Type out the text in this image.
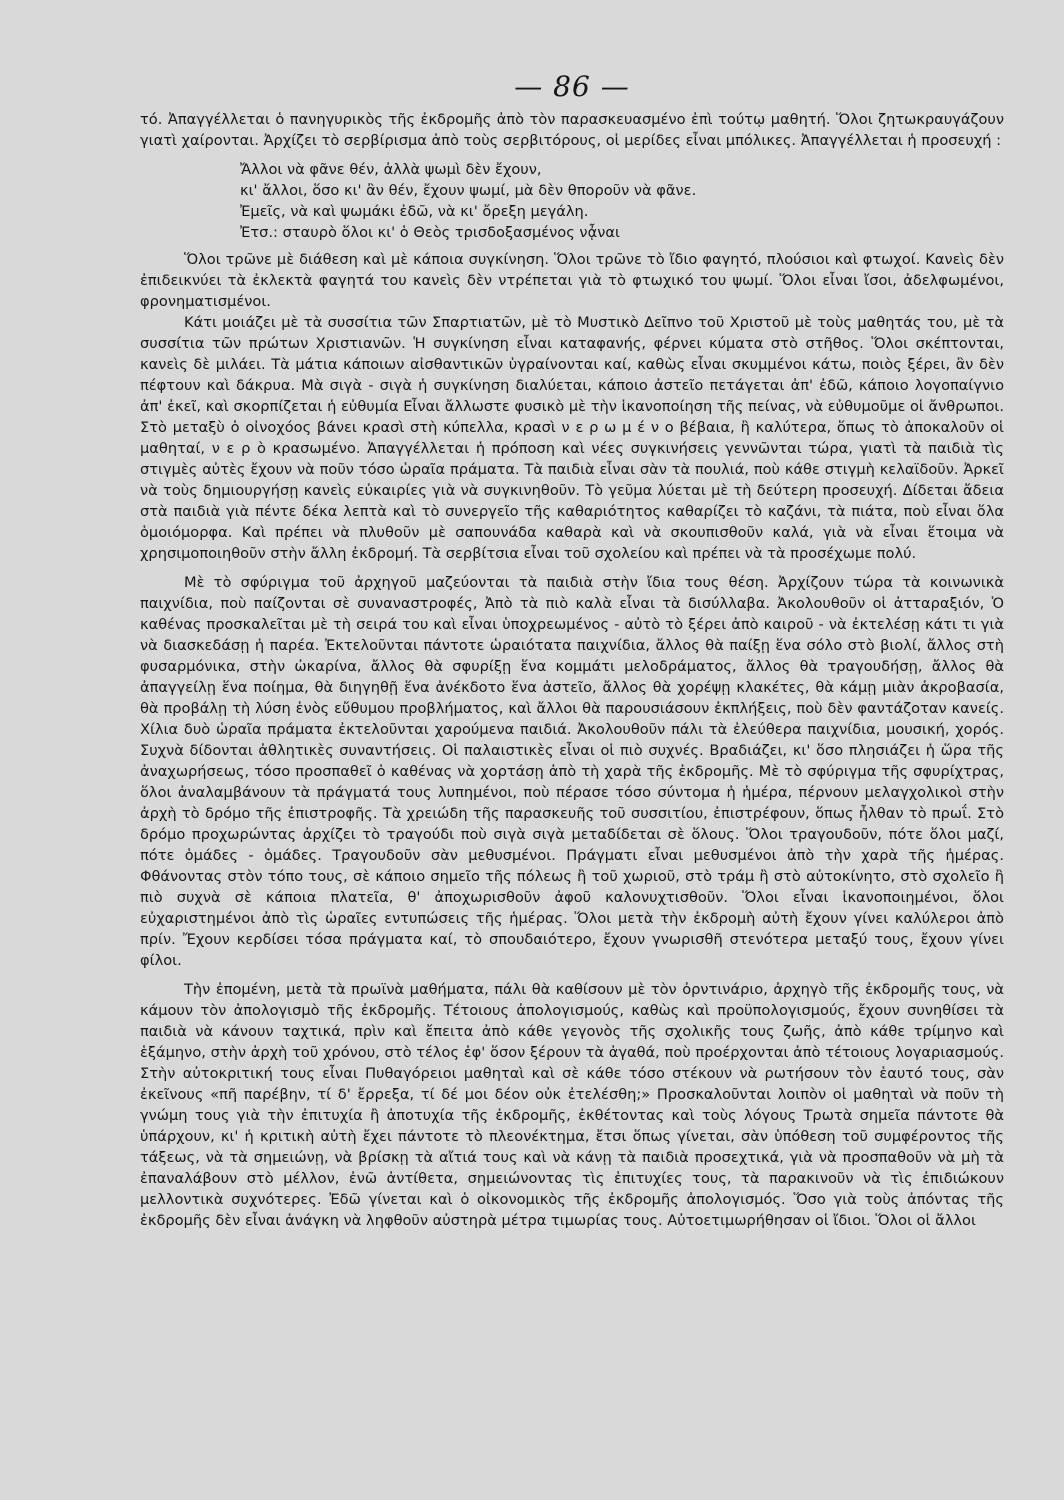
— 86 —

τό. Ἀπαγγέλλεται ὁ πανηγυρικὸς τῆς ἐκδρομῆς ἀπὸ τὸν παρασκευασμένο ἐπὶ τούτῳ μαθητή. Ὅλοι ζητωκραυγάζουν γιατὶ χαίρονται. Ἀρχίζει τὸ σερβίρισμα ἀπὸ τοὺς σερβιτόρους, οἱ μερίδες εἶναι μπόλικες. Ἀπαγγέλλεται ἡ προσευχή :

Ἄλλοι νὰ φᾶνε θέν, ἀλλὰ ψωμὶ δὲν ἔχουν,
κι' ἄλλοι, ὅσο κι' ἂν θέν, ἔχουν ψωμί, μὰ δὲν θποροῦν νὰ φᾶνε.
Ἐμεῖς, νὰ καὶ ψωμάκι ἐδῶ, νὰ κι' ὄρεξη μεγάλη.
Ἐτσ.: σταυρὸ ὅλοι κι' ὁ Θεὸς τρισδοξασμένος νᾆναι

Ὅλοι τρῶνε μὲ διάθεση καὶ μὲ κάποια συγκίνηση. Ὅλοι τρῶνε τὸ ἴδιο φαγητό, πλούσιοι καὶ φτωχοί. Κανεὶς δὲν ἐπιδεικνύει τὰ ἐκλεκτὰ φαγητά του κανεὶς δὲν ντρέπεται γιὰ τὸ φτωχικό του ψωμί. Ὅλοι εἶναι ἴσοι, ἀδελφωμένοι, φρονηματισμένοι.

Κάτι μοιάζει μὲ τὰ συσσίτια τῶν Σπαρτιατῶν, μὲ τὸ Μυστικὸ Δεῖπνο τοῦ Χριστοῦ μὲ τοὺς μαθητάς του, μὲ τὰ συσσίτια τῶν πρώτων Χριστιανῶν. Ἡ συγκίνηση εἶναι καταφανής, φέρνει κύματα στὸ στῆθος. Ὅλοι σκέπτονται, κανεὶς δὲ μιλάει. Τὰ μάτια κάποιων αἰσθαντικῶν ὑγραίνονται καί, καθὼς εἶναι σκυμμένοι κάτω, ποιὸς ξέρει, ἂν δὲν πέφτουν καὶ δάκρυα. Μὰ σιγὰ - σιγὰ ἡ συγκίνηση διαλύεται, κάποιο ἀστεῖο πετάγεται ἀπ' ἐδῶ, κάποιο λογοπαίγνιο ἀπ' ἐκεῖ, καὶ σκορπίζεται ἡ εὐθυμία Εἶναι ἄλλωστε φυσικὸ μὲ τὴν ἱκανοποίηση τῆς πείνας, νὰ εὐθυμοῦμε οἱ ἄνθρωποι. Στὸ μεταξὺ ὁ οἰνοχόος βάνει κρασὶ στὴ κύπελλα, κρασὶ ν ε ρ ω μ έ ν ο βέβαια, ἢ καλύτερα, ὅπως τὸ ἀποκαλοῦν οἱ μαθηταί, ν ε ρ ὸ κρασωμένο. Ἀπαγγέλλεται ἡ πρόποση καὶ νέες συγκινήσεις γεννῶνται τώρα, γιατὶ τὰ παιδιὰ τὶς στιγμὲς αὐτὲς ἔχουν νὰ ποῦν τόσο ὡραῖα πράματα. Τὰ παιδιὰ εἶναι σὰν τὰ πουλιά, ποὺ κάθε στιγμὴ κελαϊδοῦν. Ἀρκεῖ νὰ τοὺς δημιουργήσῃ κανεὶς εὐκαιρίες γιὰ νὰ συγκινηθοῦν. Τὸ γεῦμα λύεται μὲ τὴ δεύτερη προσευχή. Δίδεται ἄδεια στὰ παιδιὰ γιὰ πέντε δέκα λεπτὰ καὶ τὸ συνεργεῖο τῆς καθαριότητος καθαρίζει τὸ καζάνι, τὰ πιάτα, ποὺ εἶναι ὅλα ὁμοιόμορφα. Καὶ πρέπει νὰ πλυθοῦν μὲ σαπουνάδα καθαρὰ καὶ νὰ σκουπισθοῦν καλά, γιὰ νὰ εἶναι ἕτοιμα νὰ χρησιμοποιηθοῦν στὴν ἄλλη ἐκδρομή. Τὰ σερβίτσια εἶναι τοῦ σχολείου καὶ πρέπει νὰ τὰ προσέχωμε πολύ.

Μὲ τὸ σφύριγμα τοῦ ἀρχηγοῦ μαζεύονται τὰ παιδιὰ στὴν ἴδια τους θέση. Ἀρχίζουν τώρα τὰ κοινωνικὰ παιχνίδια, ποὺ παίζονται σὲ συναναστροφές, Ἀπὸ τὰ πιὸ καλὰ εἶναι τὰ δισύλλαβα. Ἀκολουθοῦν οἱ ἀτταραξιόν, Ὁ καθένας προσκαλεῖται μὲ τὴ σειρά του καὶ εἶναι ὑποχρεωμένος - αὐτὸ τὸ ξέρει ἀπὸ καιροῦ - νὰ ἐκτελέσῃ κάτι τι γιὰ νὰ διασκεδάσῃ ἡ παρέα. Ἐκτελοῦνται πάντοτε ὡραιότατα παιχνίδια, ἄλλος θὰ παίξῃ ἕνα σόλο στὸ βιολί, ἄλλος στὴ φυσαρμόνικα, στὴν ὠκαρίνα, ἄλλος θὰ σφυρίξῃ ἕνα κομμάτι μελοδράματος, ἄλλος θὰ τραγουδήσῃ, ἄλλος θὰ ἀπαγγείλῃ ἕνα ποίημα, θὰ διηγηθῇ ἕνα ἀνέκδοτο ἕνα ἀστεῖο, ἄλλος θὰ χορέψῃ κλακέτες, θὰ κάμῃ μιὰν ἀκροβασία, θὰ προβάλῃ τὴ λύση ἑνὸς εὔθυμου προβλήματος, καὶ ἄλλοι θὰ παρουσιάσουν ἐκπλήξεις, ποὺ δὲν φαντάζοταν κανείς. Χίλια δυὸ ὡραῖα πράματα ἐκτελοῦνται χαρούμενα παιδιά. Ἀκολουθοῦν πάλι τὰ ἐλεύθερα παιχνίδια, μουσική, χορός. Συχνὰ δίδονται ἀθλητικὲς συναντήσεις. Οἱ παλαιστικὲς εἶναι οἱ πιὸ συχνές. Βραδιάζει, κι' ὅσο πλησιάζει ἡ ὥρα τῆς ἀναχωρήσεως, τόσο προσπαθεῖ ὁ καθένας νὰ χορτάσῃ ἀπὸ τὴ χαρὰ τῆς ἐκδρομῆς. Μὲ τὸ σφύριγμα τῆς σφυρίχτρας, ὅλοι ἀναλαμβάνουν τὰ πράγματά τους λυπημένοι, ποὺ πέρασε τόσο σύντομα ἡ ἡμέρα, πέρνουν μελαγχολικοὶ στὴν ἀρχὴ τὸ δρόμο τῆς ἐπιστροφῆς. Τὰ χρειώδη τῆς παρασκευῆς τοῦ συσσιτίου, ἐπιστρέφουν, ὅπως ἦλθαν τὸ πρωΐ. Στὸ δρόμο προχωρώντας ἀρχίζει τὸ τραγούδι ποὺ σιγὰ σιγὰ μεταδίδεται σὲ ὅλους. Ὅλοι τραγουδοῦν, πότε ὅλοι μαζί, πότε ὁμάδες - ὁμάδες. Τραγουδοῦν σὰν μεθυσμένοι. Πράγματι εἶναι μεθυσμένοι ἀπὸ τὴν χαρὰ τῆς ἡμέρας. Φθάνοντας στὸν τόπο τους, σὲ κάποιο σημεῖο τῆς πόλεως ἢ τοῦ χωριοῦ, στὸ τράμ ἢ στὸ αὐτοκίνητο, στὸ σχολεῖο ἢ πιὸ συχνὰ σὲ κάποια πλατεῖα, θ' ἀποχωρισθοῦν ἀφοῦ καλονυχτισθοῦν. Ὅλοι εἶναι ἱκανοποιημένοι, ὅλοι εὐχαριστημένοι ἀπὸ τὶς ὡραῖες εντυπώσεις τῆς ἡμέρας. Ὅλοι μετὰ τὴν ἐκδρομὴ αὐτὴ ἔχουν γίνει καλύλεροι ἀπὸ πρίν. Ἔχουν κερδίσει τόσα πράγματα καί, τὸ σπουδαιότερο, ἔχουν γνωρισθῆ στενότερα μεταξύ τους, ἔχουν γίνει φίλοι.

Τὴν ἐπομένη, μετὰ τὰ πρωϊνὰ μαθήματα, πάλι θὰ καθίσουν μὲ τὸν ὀρντινάριο, ἀρχηγὸ τῆς ἐκδρομῆς τους, νὰ κάμουν τὸν ἀπολογισμὸ τῆς ἐκδρομῆς. Τέτοιους ἀπολογισμούς, καθὼς καὶ προϋπολογισμούς, ἔχουν συνηθίσει τὰ παιδιὰ νὰ κάνουν ταχτικά, πρὶν καὶ ἔπειτα ἀπὸ κάθε γεγονὸς τῆς σχολικῆς τους ζωῆς, ἀπὸ κάθε τρίμηνο καὶ ἑξάμηνο, στὴν ἀρχὴ τοῦ χρόνου, στὸ τέλος ἐφ' ὅσον ξέρουν τὰ ἀγαθά, ποὺ προέρχονται ἀπὸ τέτοιους λογαριασμούς. Στὴν αὐτοκριτική τους εἶναι Πυθαγόρειοι μαθηταὶ καὶ σὲ κάθε τόσο στέκουν νὰ ρωτήσουν τὸν ἑαυτό τους, σὰν ἐκεῖνους «πῆ παρέβην, τί δ' ἔρρεξα, τί δέ μοι δέον οὐκ ἐτελέσθη;» Προσκαλοῦνται λοιπὸν οἱ μαθηταὶ νὰ ποῦν τὴ γνώμη τους γιὰ τὴν ἐπιτυχία ἢ ἀποτυχία τῆς ἐκδρομῆς, ἐκθέτοντας καὶ τοὺς λόγους Τρωτὰ σημεῖα πάντοτε θὰ ὑπάρχουν, κι' ἡ κριτικὴ αὐτὴ ἔχει πάντοτε τὸ πλεονέκτημα, ἔτσι ὅπως γίνεται, σὰν ὑπόθεση τοῦ συμφέροντος τῆς τάξεως, νὰ τὰ σημειώνῃ, νὰ βρίσκῃ τὰ αἴτιά τους καὶ νὰ κάνῃ τὰ παιδιὰ προσεχτικά, γιὰ νὰ προσπαθοῦν νὰ μὴ τὰ ἐπαναλάβουν στὸ μέλλον, ἐνῶ ἀντίθετα, σημειώνοντας τὶς ἐπιτυχίες τους, τὰ παρακινοῦν νὰ τὶς ἐπιδιώκουν μελλοντικὰ συχνότερες. Ἐδῶ γίνεται καὶ ὁ οἰκονομικὸς τῆς ἐκδρομῆς ἀπολογισμός. Ὅσο γιὰ τοὺς ἀπόντας τῆς ἐκδρομῆς δὲν εἶναι ἀνάγκη νὰ ληφθοῦν αὐστηρὰ μέτρα τιμωρίας τους. Αὐτοετιμωρήθησαν οἱ ἴδιοι. Ὅλοι οἱ ἄλλοι
